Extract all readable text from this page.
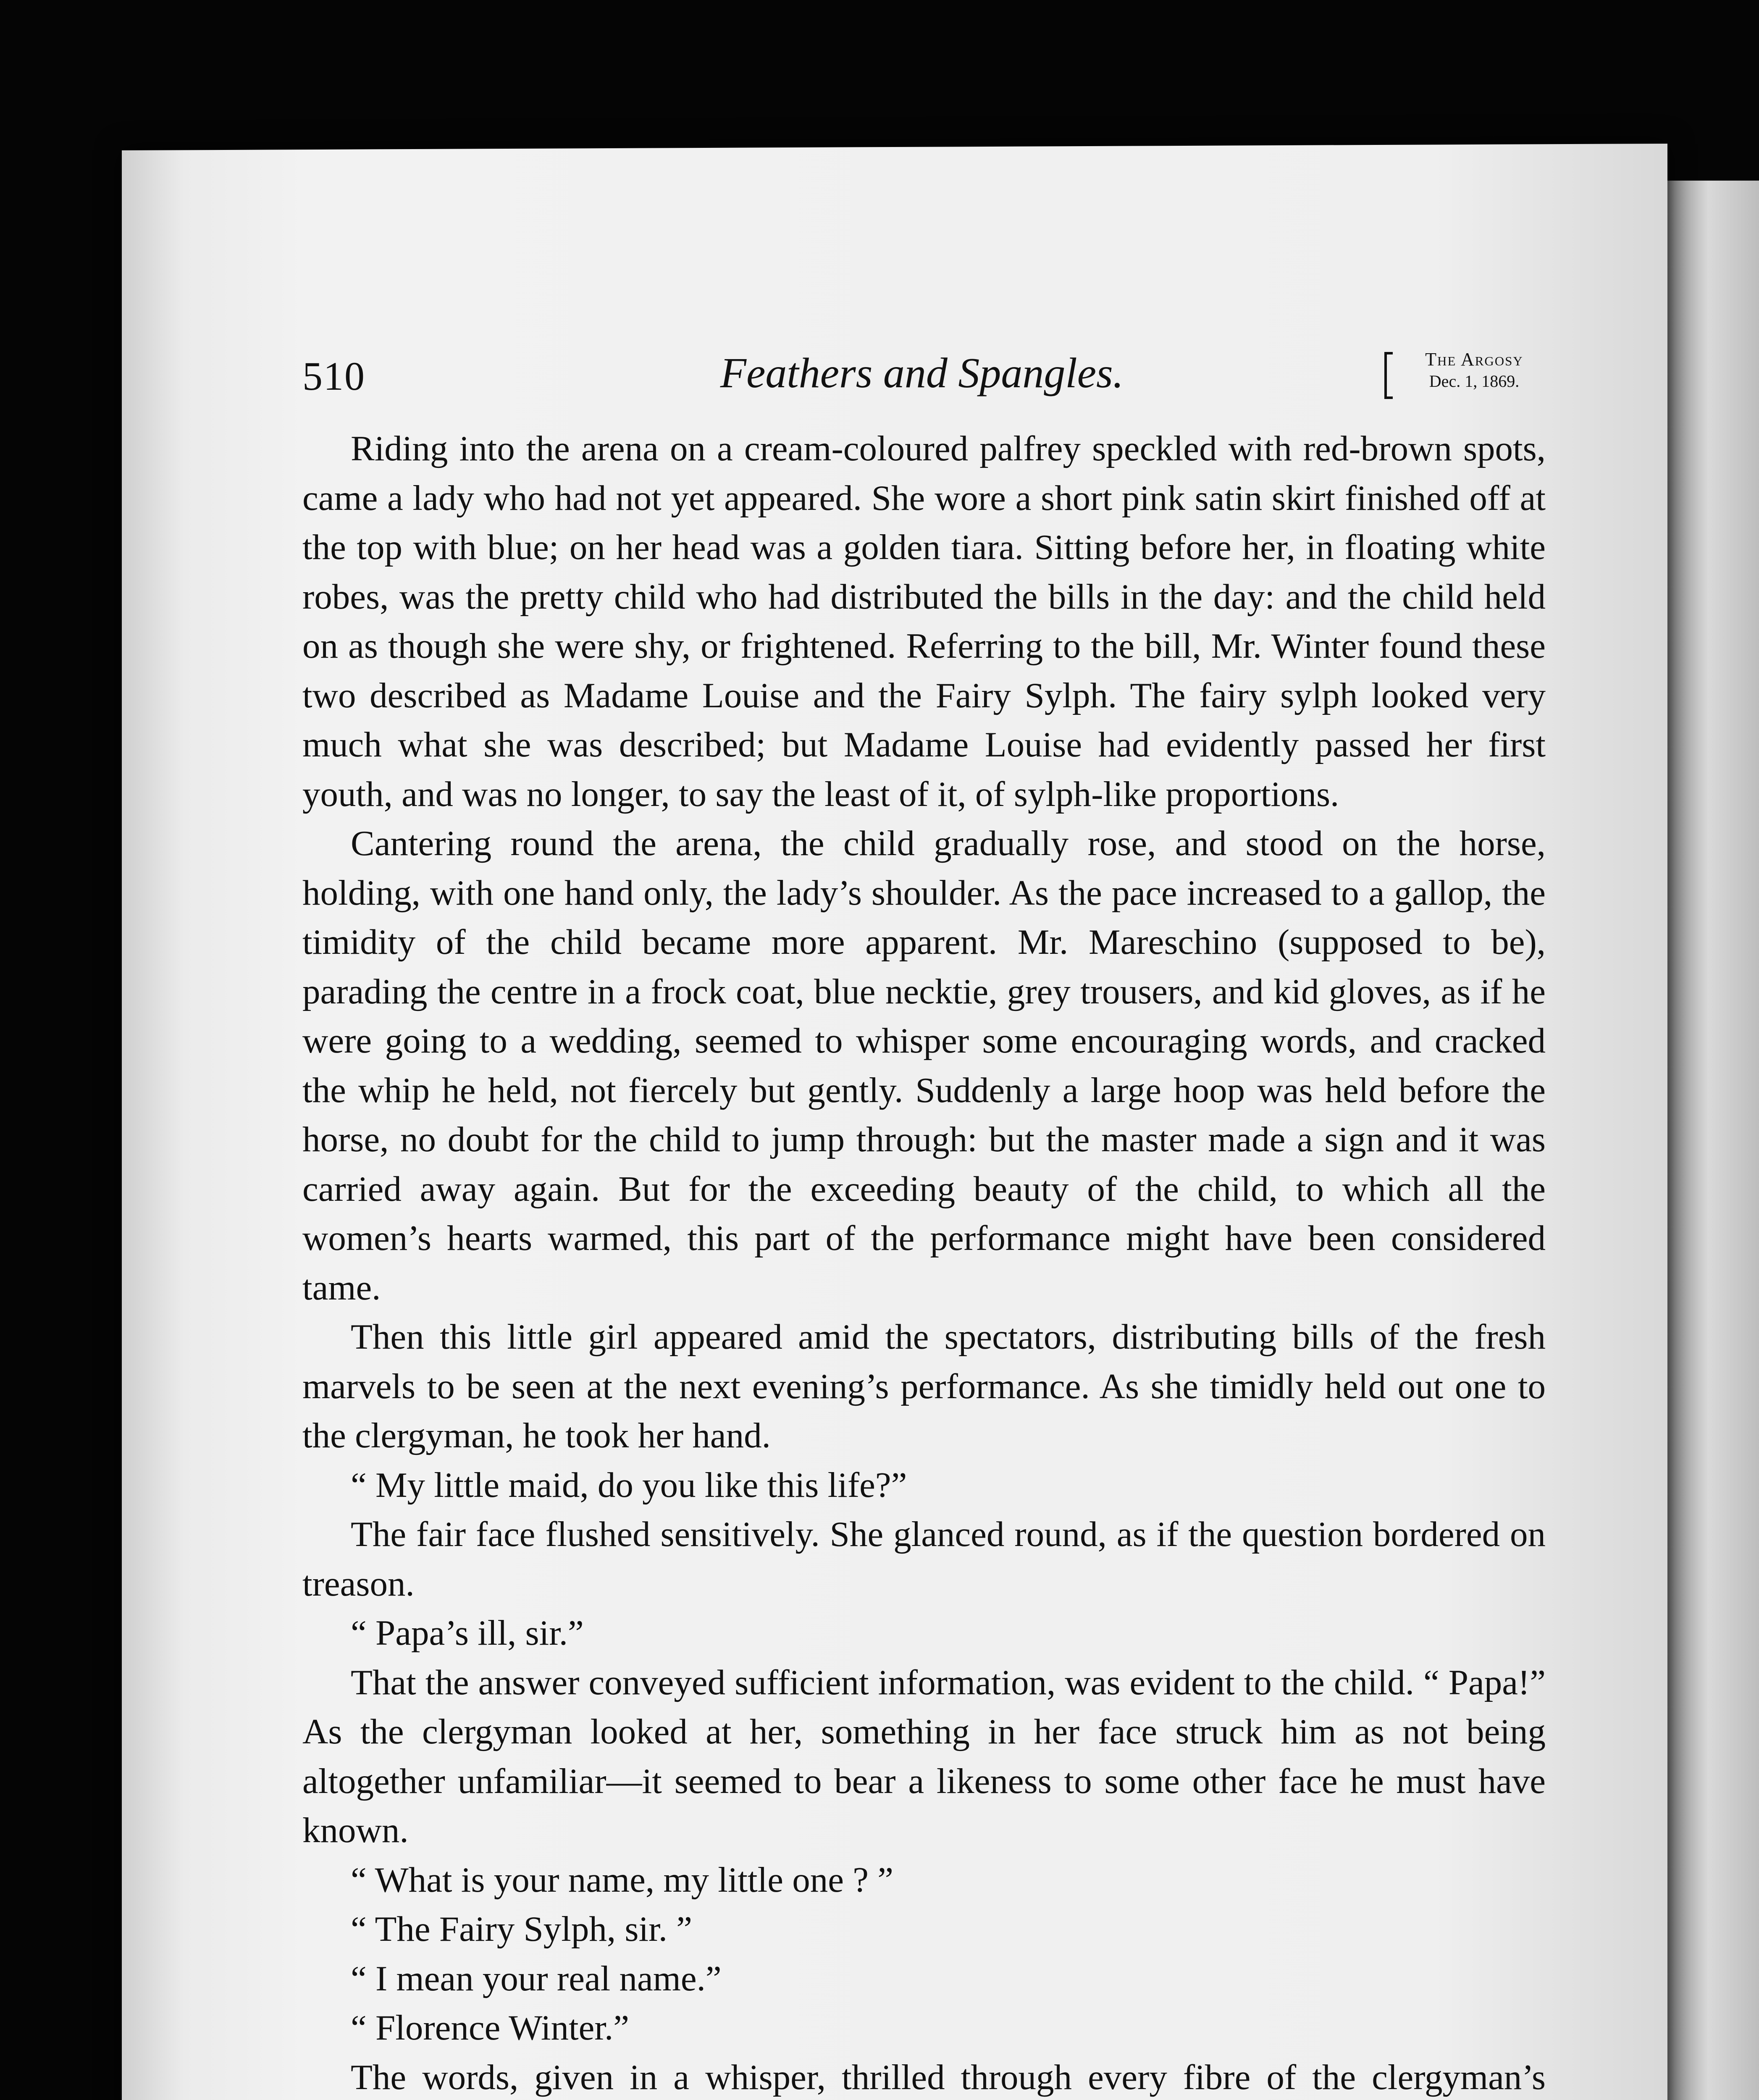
510	Feathers and Spangles.	The Argosy
Dec. 1, 1869.

Riding into the arena on a cream-coloured palfrey speckled with red-brown spots, came a lady who had not yet appeared. She wore a short pink satin skirt finished off at the top with blue; on her head was a golden tiara. Sitting before her, in floating white robes, was the pretty child who had distributed the bills in the day: and the child held on as though she were shy, or frightened. Referring to the bill, Mr. Winter found these two described as Madame Louise and the Fairy Sylph. The fairy sylph looked very much what she was described; but Madame Louise had evidently passed her first youth, and was no longer, to say the least of it, of sylph-like proportions.

Cantering round the arena, the child gradually rose, and stood on the horse, holding, with one hand only, the lady’s shoulder. As the pace increased to a gallop, the timidity of the child became more apparent. Mr. Mareschino (supposed to be), parading the centre in a frock coat, blue necktie, grey trousers, and kid gloves, as if he were going to a wedding, seemed to whisper some encouraging words, and cracked the whip he held, not fiercely but gently. Suddenly a large hoop was held before the horse, no doubt for the child to jump through: but the master made a sign and it was carried away again. But for the exceeding beauty of the child, to which all the women’s hearts warmed, this part of the performance might have been considered tame.

Then this little girl appeared amid the spectators, distributing bills of the fresh marvels to be seen at the next evening’s performance. As she timidly held out one to the clergyman, he took her hand.

“ My little maid, do you like this life?”

The fair face flushed sensitively. She glanced round, as if the question bordered on treason.

“ Papa’s ill, sir.”

That the answer conveyed sufficient information, was evident to the child. “ Papa!” As the clergyman looked at her, something in her face struck him as not being altogether unfamiliar—it seemed to bear a likeness to some other face he must have known.

“ What is your name, my little one ? ”

“ The Fairy Sylph, sir. ”

“ I mean your real name.”

“ Florence Winter.”

The words, given in a whisper, thrilled through every fibre of the clergyman’s
